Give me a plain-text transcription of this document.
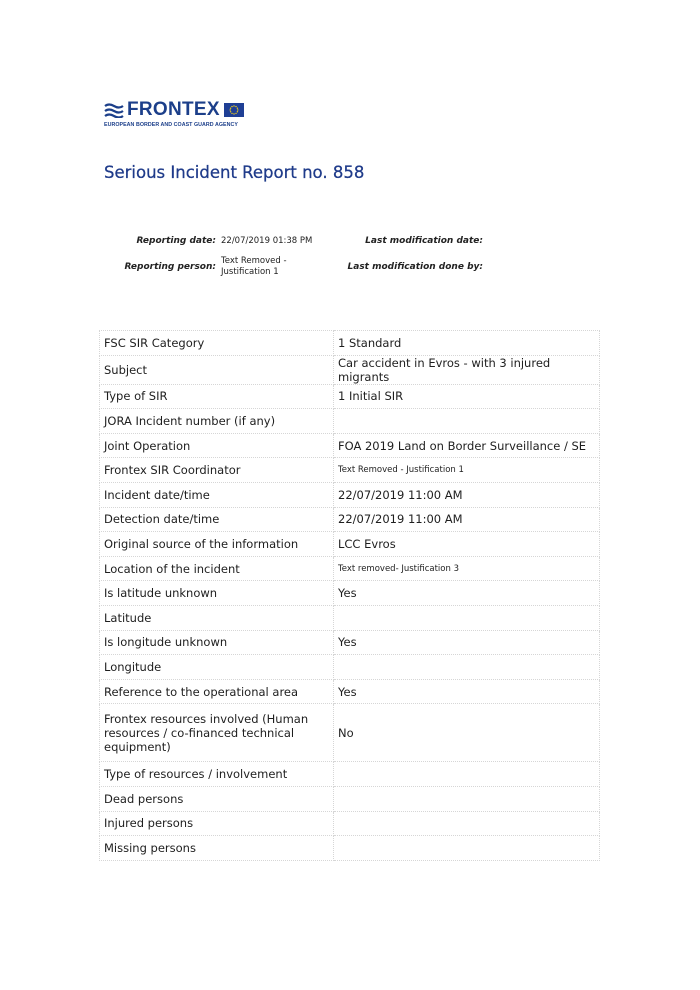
FRONTEX
EUROPEAN BORDER AND COAST GUARD AGENCY
Serious Incident Report no. 858
Reporting date: 22/07/2019 01:38 PM
Reporting person:
Text Removed -
Justification 1
Last modification date:
Last modification done by:
FSC SIR Category	1 Standard
Subject	Car accident in Evros - with 3 injured migrants
Type of SIR	1 Initial SIR
JORA Incident number (if any)	
Joint Operation	FOA 2019 Land on Border Surveillance / SE
Frontex SIR Coordinator	Text Removed - Justification 1
Incident date/time	22/07/2019 11:00 AM
Detection date/time	22/07/2019 11:00 AM
Original source of the information	LCC Evros
Location of the incident	Text removed- Justification 3
Is latitude unknown	Yes
Latitude	
Is longitude unknown	Yes
Longitude	
Reference to the operational area	Yes
Frontex resources involved (Human resources / co-financed technical equipment)	No
Type of resources / involvement	
Dead persons	
Injured persons	
Missing persons	
